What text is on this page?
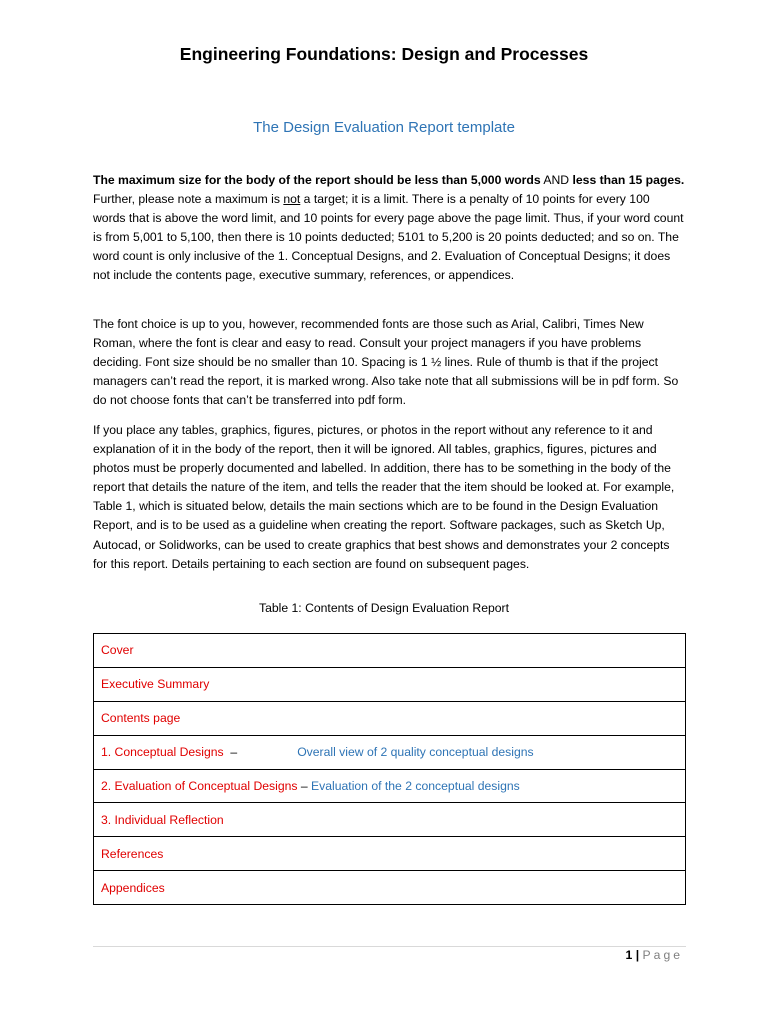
Engineering Foundations: Design and Processes
The Design Evaluation Report template

The maximum size for the body of the report should be less than 5,000 words AND less than 15 pages. Further, please note a maximum is not a target; it is a limit. There is a penalty of 10 points for every 100 words that is above the word limit, and 10 points for every page above the page limit. Thus, if your word count is from 5,001 to 5,100, then there is 10 points deducted; 5101 to 5,200 is 20 points deducted; and so on. The word count is only inclusive of the 1. Conceptual Designs, and 2. Evaluation of Conceptual Designs; it does not include the contents page, executive summary, references, or appendices.

The font choice is up to you, however, recommended fonts are those such as Arial, Calibri, Times New Roman, where the font is clear and easy to read. Consult your project managers if you have problems deciding. Font size should be no smaller than 10. Spacing is 1 ½ lines. Rule of thumb is that if the project managers can’t read the report, it is marked wrong. Also take note that all submissions will be in pdf form. So do not choose fonts that can’t be transferred into pdf form.

If you place any tables, graphics, figures, pictures, or photos in the report without any reference to it and explanation of it in the body of the report, then it will be ignored. All tables, graphics, figures, pictures and photos must be properly documented and labelled. In addition, there has to be something in the body of the report that details the nature of the item, and tells the reader that the item should be looked at. For example, Table 1, which is situated below, details the main sections which are to be found in the Design Evaluation Report, and is to be used as a guideline when creating the report. Software packages, such as Sketch Up, Autocad, or Solidworks, can be used to create graphics that best shows and demonstrates your 2 concepts for this report. Details pertaining to each section are found on subsequent pages.

Table 1: Contents of Design Evaluation Report

Cover
Executive Summary
Contents page
1. Conceptual Designs –	Overall view of 2 quality conceptual designs
2. Evaluation of Conceptual Designs – Evaluation of the 2 conceptual designs
3. Individual Reflection
References
Appendices
1 | Page
